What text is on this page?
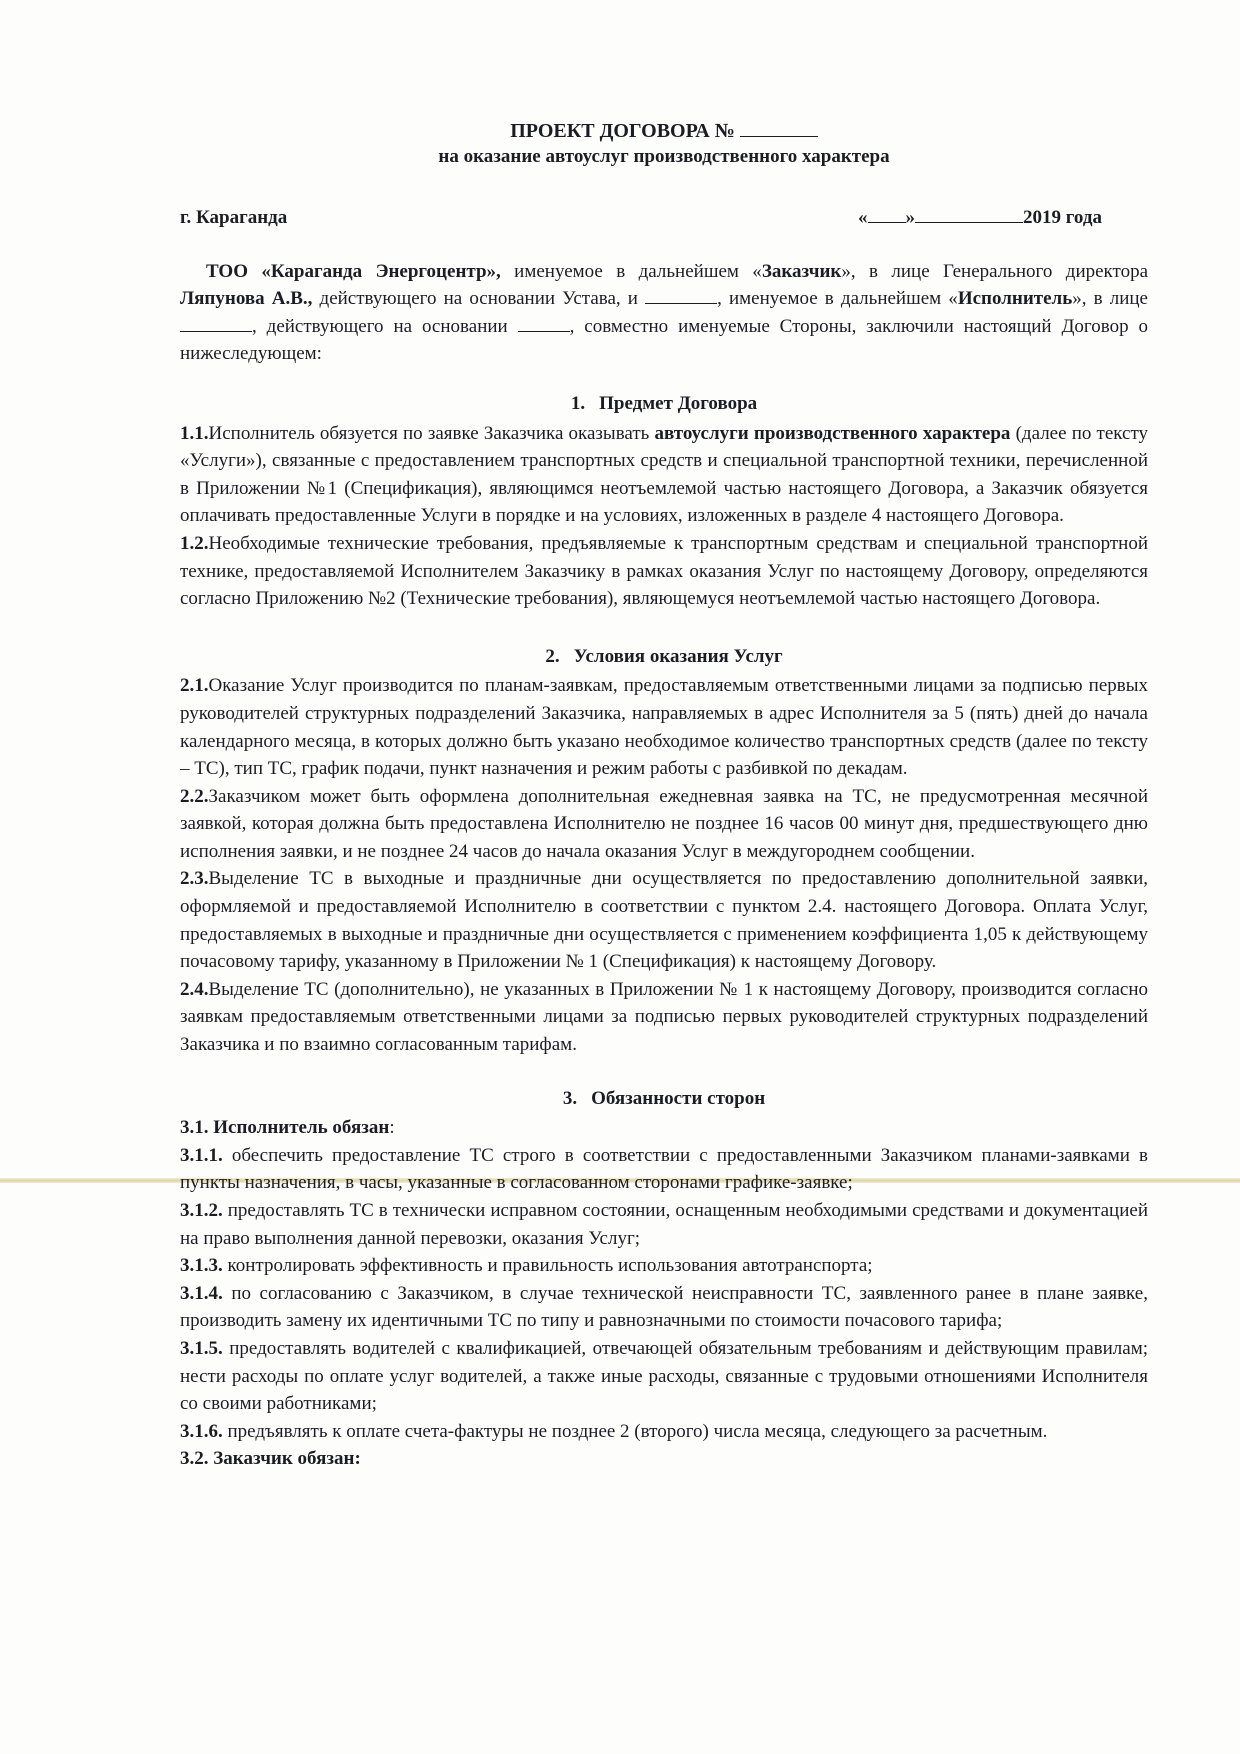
ПРОЕКТ ДОГОВОРА №
на оказание автоуслуг производственного характера
г. Караганда	« »	2019 года

ТОО «Караганда Энергоцентр», именуемое в дальнейшем «Заказчик», в лице Генерального директора Ляпунова А.В., действующего на основании Устава, и	, именуемое в дальнейшем «Исполнитель», в лице , действующего на основании	, совместно именуемые Стороны, заключили настоящий Договор о нижеследующем:

1. Предмет Договора

1.1.Исполнитель обязуется по заявке Заказчика оказывать автоуслуги производственного характера (далее по тексту «Услуги»), связанные с предоставлением транспортных средств и специальной транспортной техники, перечисленной в Приложении №1 (Спецификация), являющимся неотъемлемой частью настоящего Договора, а Заказчик обязуется оплачивать предоставленные Услуги в порядке и на условиях, изложенных в разделе 4 настоящего Договора.

1.2.Необходимые технические требования, предъявляемые к транспортным средствам и специальной транспортной технике, предоставляемой Исполнителем Заказчику в рамках оказания Услуг по настоящему Договору, определяются согласно Приложению №2 (Технические требования), являющемуся неотъемлемой частью настоящего Договора.

2. Условия оказания Услуг

2.1.Оказание Услуг производится по планам-заявкам, предоставляемым ответственными лицами за подписью первых руководителей структурных подразделений Заказчика, направляемых в адрес Исполнителя за 5 (пять) дней до начала календарного месяца, в которых должно быть указано необходимое количество транспортных средств (далее по тексту – ТС), тип ТС, график подачи, пункт назначения и режим работы с разбивкой по декадам.

2.2.Заказчиком может быть оформлена дополнительная ежедневная заявка на ТС, не предусмотренная месячной заявкой, которая должна быть предоставлена Исполнителю не позднее 16 часов 00 минут дня, предшествующего дню исполнения заявки, и не позднее 24 часов до начала оказания Услуг в междугороднем сообщении.

2.3.Выделение ТС в выходные и праздничные дни осуществляется по предоставлению дополнительной заявки, оформляемой и предоставляемой Исполнителю в соответствии с пунктом 2.4. настоящего Договора. Оплата Услуг, предоставляемых в выходные и праздничные дни осуществляется с применением коэффициента 1,05 к действующему почасовому тарифу, указанному в Приложении № 1 (Спецификация) к настоящему Договору.

2.4.Выделение ТС (дополнительно), не указанных в Приложении № 1 к настоящему Договору, производится согласно заявкам предоставляемым ответственными лицами за подписью первых руководителей структурных подразделений Заказчика и по взаимно согласованным тарифам.

3. Обязанности сторон

3.1. Исполнитель обязан:

3.1.1. обеспечить предоставление ТС строго в соответствии с предоставленными Заказчиком планами-заявками в пункты назначения, в часы, указанные в согласованном сторонами графике-заявке;

3.1.2. предоставлять ТС в технически исправном состоянии, оснащенным необходимыми средствами и документацией на право выполнения данной перевозки, оказания Услуг;

3.1.3. контролировать эффективность и правильность использования автотранспорта;

3.1.4. по согласованию с Заказчиком, в случае технической неисправности ТС, заявленного ранее в плане заявке, производить замену их идентичными ТС по типу и равнозначными по стоимости почасового тарифа;

3.1.5. предоставлять водителей с квалификацией, отвечающей обязательным требованиям и действующим правилам; нести расходы по оплате услуг водителей, а также иные расходы, связанные с трудовыми отношениями Исполнителя со своими работниками;

3.1.6. предъявлять к оплате счета-фактуры не позднее 2 (второго) числа месяца, следующего за расчетным.

3.2. Заказчик обязан:
